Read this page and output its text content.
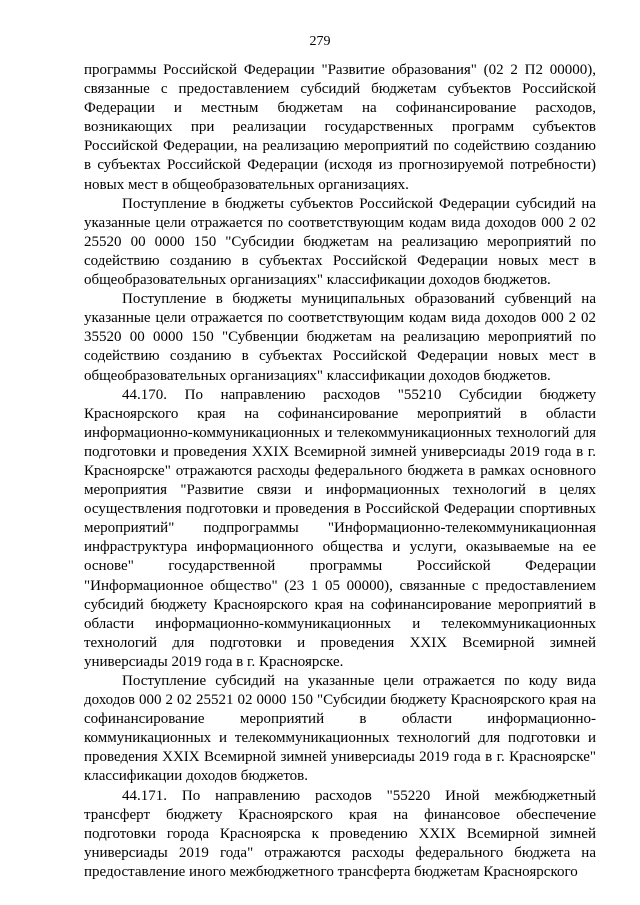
279

программы Российской Федерации "Развитие образования" (02 2 П2 00000), связанные с предоставлением субсидий бюджетам субъектов Российской Федерации и местным бюджетам на софинансирование расходов, возникающих при реализации государственных программ субъектов Российской Федерации, на реализацию мероприятий по содействию созданию в субъектах Российской Федерации (исходя из прогнозируемой потребности) новых мест в общеобразовательных организациях.

Поступление в бюджеты субъектов Российской Федерации субсидий на указанные цели отражается по соответствующим кодам вида доходов 000 2 02 25520 00 0000 150 "Субсидии бюджетам на реализацию мероприятий по содействию созданию в субъектах Российской Федерации новых мест в общеобразовательных организациях" классификации доходов бюджетов.

Поступление в бюджеты муниципальных образований субвенций на указанные цели отражается по соответствующим кодам вида доходов 000 2 02 35520 00 0000 150 "Субвенции бюджетам на реализацию мероприятий по содействию созданию в субъектах Российской Федерации новых мест в общеобразовательных организациях" классификации доходов бюджетов.

44.170. По направлению расходов "55210 Субсидии бюджету Красноярского края на софинансирование мероприятий в области информационно-коммуникационных и телекоммуникационных технологий для подготовки и проведения XXIX Всемирной зимней универсиады 2019 года в г. Красноярске" отражаются расходы федерального бюджета в рамках основного мероприятия "Развитие связи и информационных технологий в целях осуществления подготовки и проведения в Российской Федерации спортивных мероприятий" подпрограммы "Информационно-телекоммуникационная инфраструктура информационного общества и услуги, оказываемые на ее основе" государственной программы Российской Федерации "Информационное общество" (23 1 05 00000), связанные с предоставлением субсидий бюджету Красноярского края на софинансирование мероприятий в области информационно-коммуникационных и телекоммуникационных технологий для подготовки и проведения XXIX Всемирной зимней универсиады 2019 года в г. Красноярске.

Поступление субсидий на указанные цели отражается по коду вида доходов 000 2 02 25521 02 0000 150 "Субсидии бюджету Красноярского края на софинансирование мероприятий в области информационно-коммуникационных и телекоммуникационных технологий для подготовки и проведения XXIX Всемирной зимней универсиады 2019 года в г. Красноярске" классификации доходов бюджетов.

44.171. По направлению расходов "55220 Иной межбюджетный трансферт бюджету Красноярского края на финансовое обеспечение подготовки города Красноярска к проведению XXIX Всемирной зимней универсиады 2019 года" отражаются расходы федерального бюджета на предоставление иного межбюджетного трансферта бюджетам Красноярского
